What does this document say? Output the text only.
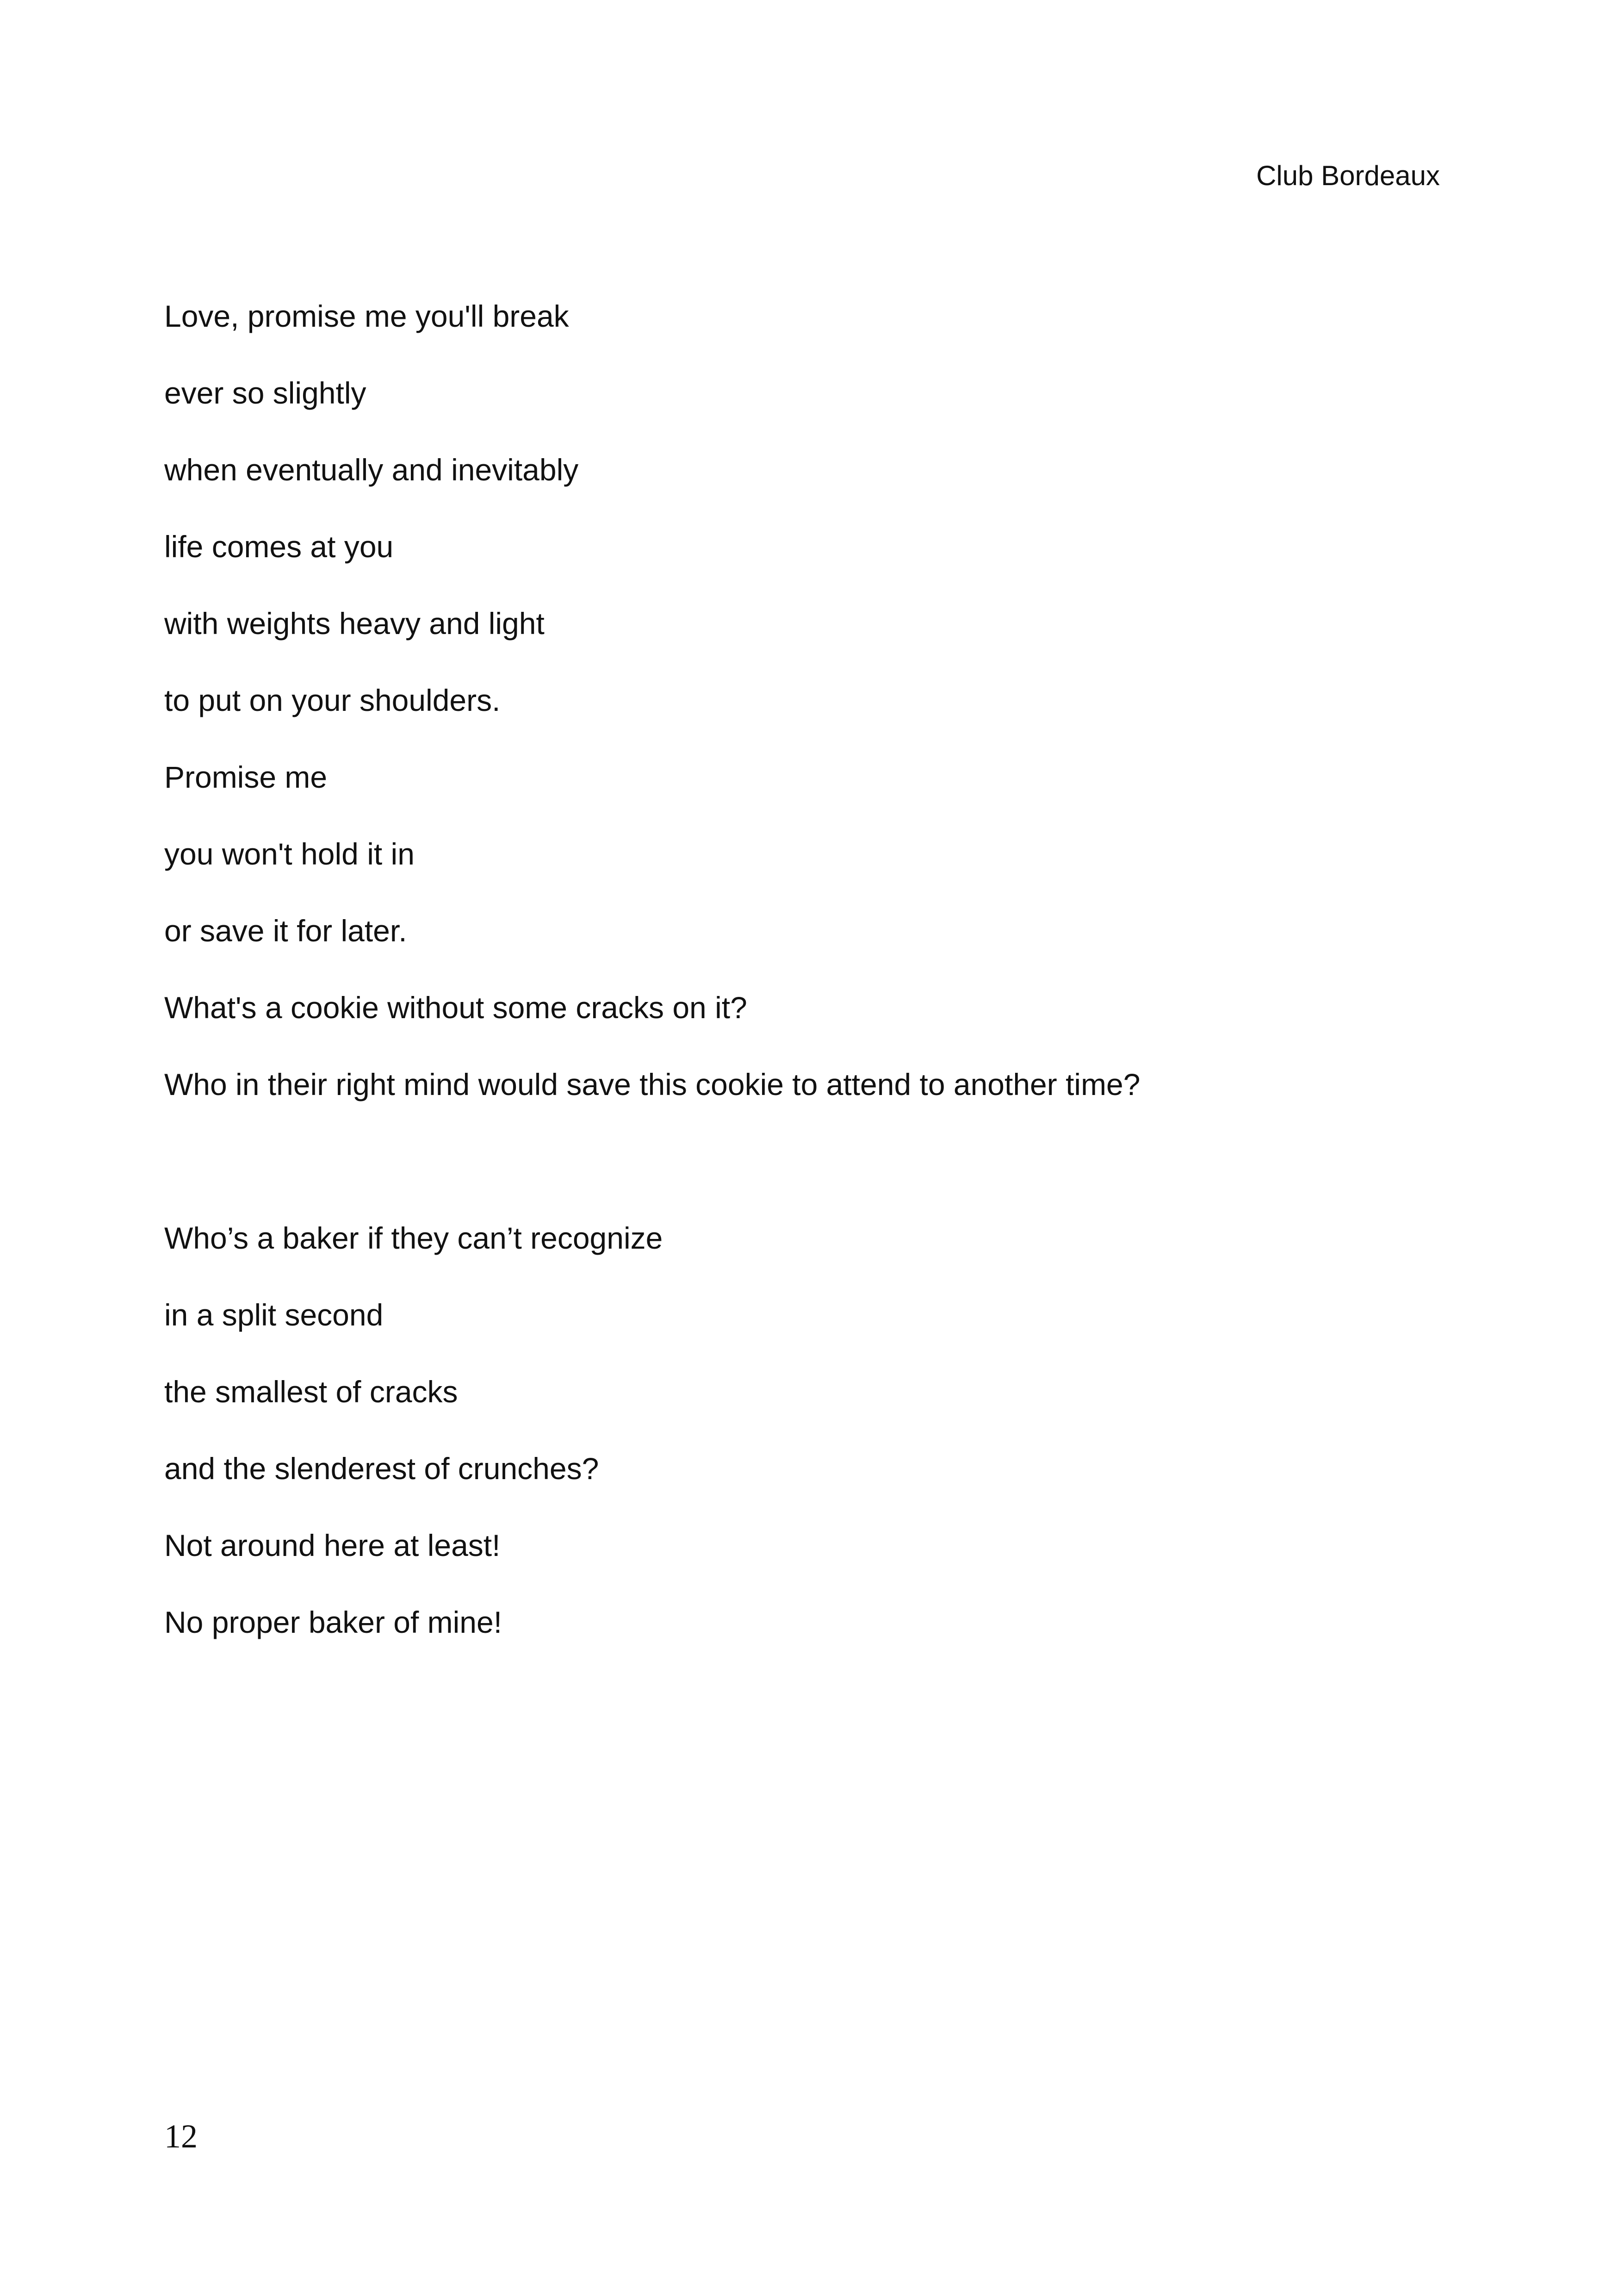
Club Bordeaux
Love, promise me you'll break
ever so slightly
when eventually and inevitably
life comes at you
with weights heavy and light
to put on your shoulders.
Promise me
you won't hold it in
or save it for later.
What's a cookie without some cracks on it?
Who in their right mind would save this cookie to attend to another time?
Who’s a baker if they can’t recognize
in a split second
the smallest of cracks
and the slenderest of crunches?
Not around here at least!
No proper baker of mine!
12
